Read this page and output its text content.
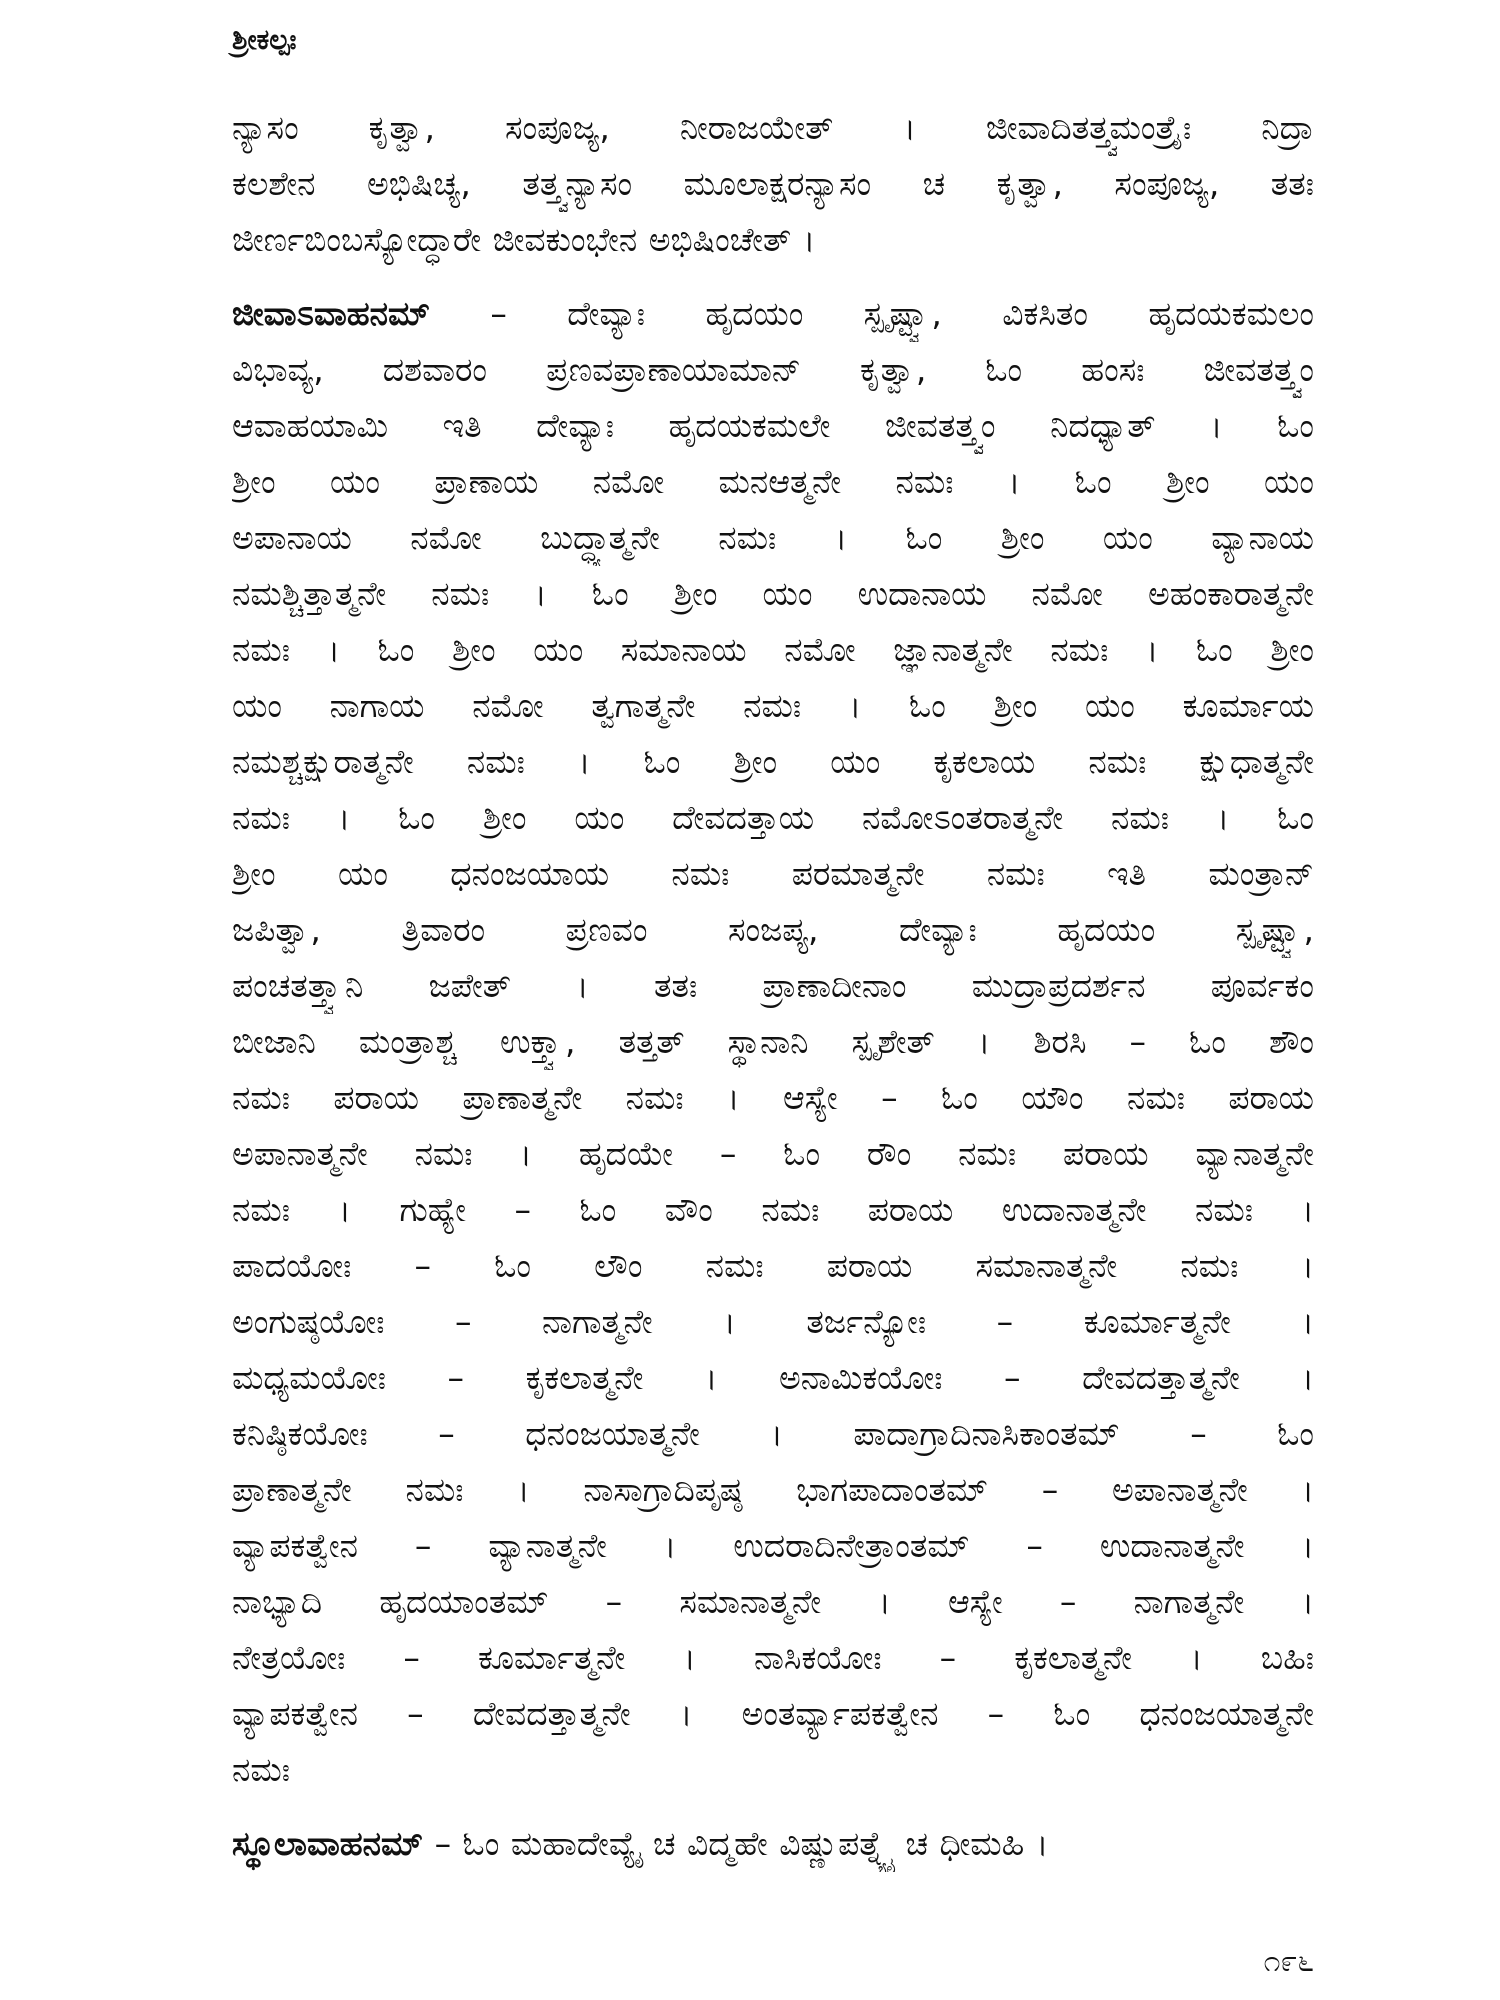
ಶ್ರೀಕಲ್ಪಃ
ನ್ಯಾಸಂ ಕೃತ್ವಾ, ಸಂಪೂಜ್ಯ, ನೀರಾಜಯೇತ್ । ಜೀವಾದಿತತ್ತ್ವಮಂತ್ರೈಃ ನಿದ್ರಾ
ಕಲಶೇನ ಅಭಿಷಿಚ್ಯ, ತತ್ತ್ವನ್ಯಾಸಂ ಮೂಲಾಕ್ಷರನ್ಯಾಸಂ ಚ ಕೃತ್ವಾ, ಸಂಪೂಜ್ಯ, ತತಃ
ಜೀರ್ಣಬಿಂಬಸ್ಯೋದ್ಧಾರೇ ಜೀವಕುಂಭೇನ ಅಭಿಷಿಂಚೇತ್ ।
ಜೀವಾಽವಾಹನಮ್ – ದೇವ್ಯಾಃ ಹೃದಯಂ ಸ್ಪೃಷ್ಟ್ವಾ, ವಿಕಸಿತಂ ಹೃದಯಕಮಲಂ
ವಿಭಾವ್ಯ, ದಶವಾರಂ ಪ್ರಣವಪ್ರಾಣಾಯಾಮಾನ್ ಕೃತ್ವಾ, ಓಂ ಹಂಸಃ ಜೀವತತ್ತ್ವಂ
ಆವಾಹಯಾಮಿ ಇತಿ ದೇವ್ಯಾಃ ಹೃದಯಕಮಲೇ ಜೀವತತ್ತ್ವಂ ನಿದಧ್ಯಾತ್ । ಓಂ
ಶ್ರೀಂ ಯಂ ಪ್ರಾಣಾಯ ನಮೋ ಮನಆತ್ಮನೇ ನಮಃ । ಓಂ ಶ್ರೀಂ ಯಂ
ಅಪಾನಾಯ ನಮೋ ಬುದ್ಧ್ಯಾತ್ಮನೇ ನಮಃ । ಓಂ ಶ್ರೀಂ ಯಂ ವ್ಯಾನಾಯ
ನಮಶ್ಚಿತ್ತಾತ್ಮನೇ ನಮಃ । ಓಂ ಶ್ರೀಂ ಯಂ ಉದಾನಾಯ ನಮೋ ಅಹಂಕಾರಾತ್ಮನೇ
ನಮಃ । ಓಂ ಶ್ರೀಂ ಯಂ ಸಮಾನಾಯ ನಮೋ ಜ್ಞಾನಾತ್ಮನೇ ನಮಃ । ಓಂ ಶ್ರೀಂ
ಯಂ ನಾಗಾಯ ನಮೋ ತ್ವಗಾತ್ಮನೇ ನಮಃ । ಓಂ ಶ್ರೀಂ ಯಂ ಕೂರ್ಮಾಯ
ನಮಶ್ಚಕ್ಷುರಾತ್ಮನೇ ನಮಃ । ಓಂ ಶ್ರೀಂ ಯಂ ಕೃಕಲಾಯ ನಮಃ ಕ್ಷುಧಾತ್ಮನೇ
ನಮಃ । ಓಂ ಶ್ರೀಂ ಯಂ ದೇವದತ್ತಾಯ ನಮೋಽಂತರಾತ್ಮನೇ ನಮಃ । ಓಂ
ಶ್ರೀಂ ಯಂ ಧನಂಜಯಾಯ ನಮಃ ಪರಮಾತ್ಮನೇ ನಮಃ ಇತಿ ಮಂತ್ರಾನ್
ಜಪಿತ್ವಾ, ತ್ರಿವಾರಂ ಪ್ರಣವಂ ಸಂಜಪ್ಯ, ದೇವ್ಯಾಃ ಹೃದಯಂ ಸ್ಪೃಷ್ಟ್ವಾ,
ಪಂಚತತ್ತ್ವಾನಿ ಜಪೇತ್ । ತತಃ ಪ್ರಾಣಾದೀನಾಂ ಮುದ್ರಾಪ್ರದರ್ಶನ ಪೂರ್ವಕಂ
ಬೀಜಾನಿ ಮಂತ್ರಾಶ್ಚ ಉಕ್ತ್ವಾ, ತತ್ತತ್ ಸ್ಥಾನಾನಿ ಸ್ಪೃಶೇತ್ । ಶಿರಸಿ – ಓಂ ಶೌಂ
ನಮಃ ಪರಾಯ ಪ್ರಾಣಾತ್ಮನೇ ನಮಃ । ಆಸ್ಯೇ – ಓಂ ಯೌಂ ನಮಃ ಪರಾಯ
ಅಪಾನಾತ್ಮನೇ ನಮಃ । ಹೃದಯೇ – ಓಂ ರೌಂ ನಮಃ ಪರಾಯ ವ್ಯಾನಾತ್ಮನೇ
ನಮಃ । ಗುಹ್ಯೇ – ಓಂ ವೌಂ ನಮಃ ಪರಾಯ ಉದಾನಾತ್ಮನೇ ನಮಃ ।
ಪಾದಯೋಃ – ಓಂ ಲೌಂ ನಮಃ ಪರಾಯ ಸಮಾನಾತ್ಮನೇ ನಮಃ ।
ಅಂಗುಷ್ಠಯೋಃ – ನಾಗಾತ್ಮನೇ । ತರ್ಜನ್ಯೋಃ – ಕೂರ್ಮಾತ್ಮನೇ ।
ಮಧ್ಯಮಯೋಃ – ಕೃಕಲಾತ್ಮನೇ । ಅನಾಮಿಕಯೋಃ – ದೇವದತ್ತಾತ್ಮನೇ ।
ಕನಿಷ್ಠಿಕಯೋಃ – ಧನಂಜಯಾತ್ಮನೇ । ಪಾದಾಗ್ರಾದಿನಾಸಿಕಾಂತಮ್ – ಓಂ
ಪ್ರಾಣಾತ್ಮನೇ ನಮಃ । ನಾಸಾಗ್ರಾದಿಪೃಷ್ಠ ಭಾಗಪಾದಾಂತಮ್ – ಅಪಾನಾತ್ಮನೇ ।
ವ್ಯಾಪಕತ್ವೇನ – ವ್ಯಾನಾತ್ಮನೇ । ಉದರಾದಿನೇತ್ರಾಂತಮ್ – ಉದಾನಾತ್ಮನೇ ।
ನಾಭ್ಯಾದಿ ಹೃದಯಾಂತಮ್ – ಸಮಾನಾತ್ಮನೇ । ಆಸ್ಯೇ – ನಾಗಾತ್ಮನೇ ।
ನೇತ್ರಯೋಃ – ಕೂರ್ಮಾತ್ಮನೇ । ನಾಸಿಕಯೋಃ – ಕೃಕಲಾತ್ಮನೇ । ಬಹಿಃ
ವ್ಯಾಪಕತ್ವೇನ – ದೇವದತ್ತಾತ್ಮನೇ । ಅಂತರ್ವ್ಯಾಪಕತ್ವೇನ – ಓಂ ಧನಂಜಯಾತ್ಮನೇ
ನಮಃ
ಸ್ಥೂಲಾವಾಹನಮ್ – ಓಂ ಮಹಾದೇವ್ಯೈ ಚ ವಿದ್ಮಹೇ ವಿಷ್ಣುಪತ್ನ್ಯೈ ಚ ಧೀಮಹಿ ।
೧೯೬
